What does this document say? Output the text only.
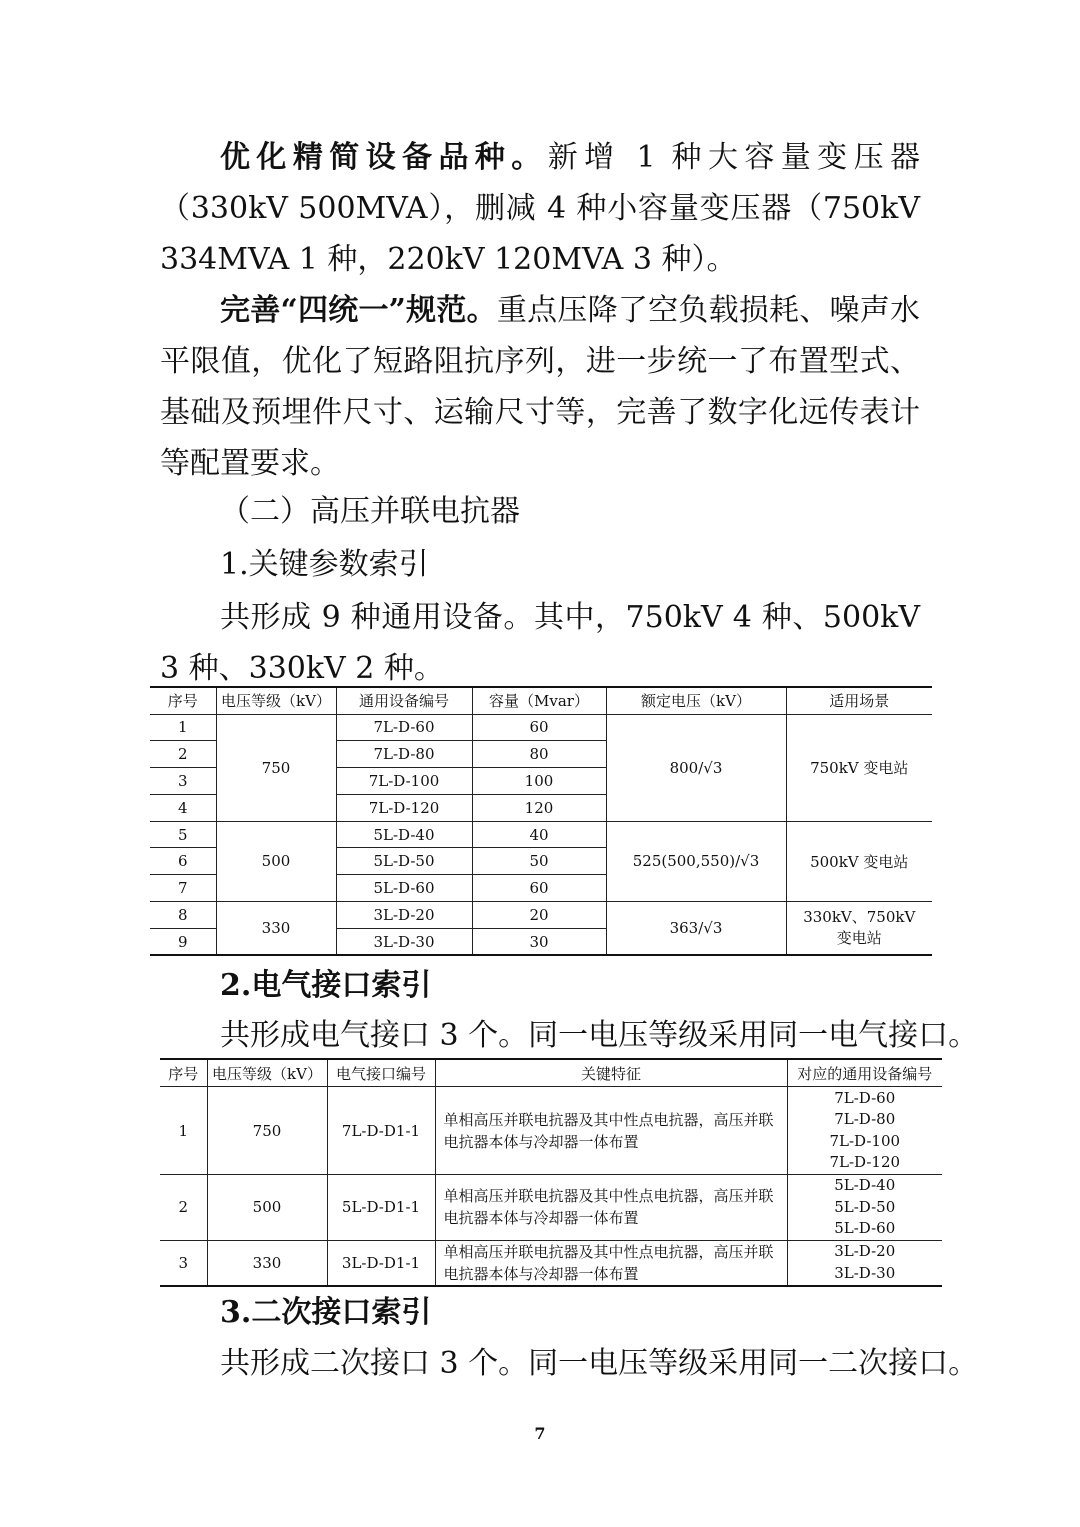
优化精简设备品种。新增 1 种大容量变压器（330kV 500MVA），删减 4 种小容量变压器（750kV 334MVA 1 种，220kV 120MVA 3 种）。

完善“四统一”规范。重点压降了空负载损耗、噪声水平限值，优化了短路阻抗序列，进一步统一了布置型式、基础及预埋件尺寸、运输尺寸等，完善了数字化远传表计等配置要求。

（二）高压并联电抗器

1.关键参数索引

共形成 9 种通用设备。其中，750kV 4 种、500kV 3 种、330kV 2 种。

序号	电压等级（kV）	通用设备编号	容量（Mvar）	额定电压（kV）	适用场景
1	750	7L-D-60	60	800/√3	750kV 变电站
2		7L-D-80	80		
3		7L-D-100	100		
4		7L-D-120	120		
5	500	5L-D-40	40	525(500,550)/√3	500kV 变电站
6		5L-D-50	50		
7		5L-D-60	60		
8	330	3L-D-20	20	363/√3	330kV、750kV 变电站
9		3L-D-30	30		

2.电气接口索引

共形成电气接口 3 个。同一电压等级采用同一电气接口。

序号	电压等级（kV）	电气接口编号	关键特征	对应的通用设备编号
1	750	7L-D-D1-1	单相高压并联电抗器及其中性点电抗器，高压并联电抗器本体与冷却器一体布置	7L-D-60
7L-D-80
7L-D-100
7L-D-120

2	500	5L-D-D1-1	单相高压并联电抗器及其中性点电抗器，高压并联电抗器本体与冷却器一体布置	5L-D-40
5L-D-50
5L-D-60

3	330	3L-D-D1-1	单相高压并联电抗器及其中性点电抗器，高压并联电抗器本体与冷却器一体布置	3L-D-20
3L-D-30

3.二次接口索引

共形成二次接口 3 个。同一电压等级采用同一二次接口。

7
